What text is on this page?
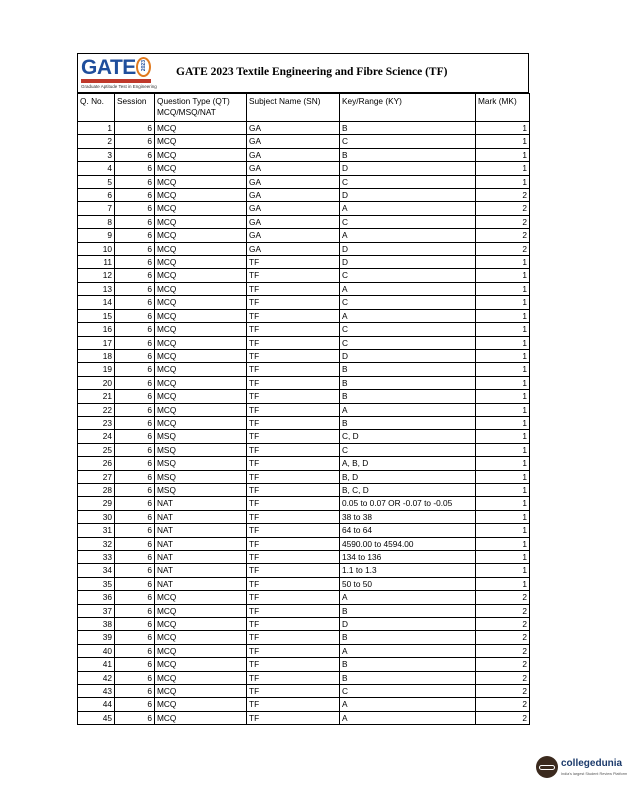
GATE 2023
Graduate Aptitude Test in Engineering
GATE 2023 Textile Engineering and Fibre Science (TF)
Q. No.	Session	Question Type (QT) MCQ/MSQ/NAT	Subject Name (SN)	Key/Range (KY)	Mark (MK)
1	6	MCQ	GA	B	1
2	6	MCQ	GA	C	1
3	6	MCQ	GA	B	1
4	6	MCQ	GA	D	1
5	6	MCQ	GA	C	1
6	6	MCQ	GA	D	2
7	6	MCQ	GA	A	2
8	6	MCQ	GA	C	2
9	6	MCQ	GA	A	2
10	6	MCQ	GA	D	2
11	6	MCQ	TF	D	1
12	6	MCQ	TF	C	1
13	6	MCQ	TF	A	1
14	6	MCQ	TF	C	1
15	6	MCQ	TF	A	1
16	6	MCQ	TF	C	1
17	6	MCQ	TF	C	1
18	6	MCQ	TF	D	1
19	6	MCQ	TF	B	1
20	6	MCQ	TF	B	1
21	6	MCQ	TF	B	1
22	6	MCQ	TF	A	1
23	6	MCQ	TF	B	1
24	6	MSQ	TF	C, D	1
25	6	MSQ	TF	C	1
26	6	MSQ	TF	A, B, D	1
27	6	MSQ	TF	B, D	1
28	6	MSQ	TF	B, C, D	1
29	6	NAT	TF	0.05 to 0.07 OR -0.07 to -0.05	1
30	6	NAT	TF	38 to 38	1
31	6	NAT	TF	64 to 64	1
32	6	NAT	TF	4590.00 to 4594.00	1
33	6	NAT	TF	134 to 136	1
34	6	NAT	TF	1.1 to 1.3	1
35	6	NAT	TF	50 to 50	1
36	6	MCQ	TF	A	2
37	6	MCQ	TF	B	2
38	6	MCQ	TF	D	2
39	6	MCQ	TF	B	2
40	6	MCQ	TF	A	2
41	6	MCQ	TF	B	2
42	6	MCQ	TF	B	2
43	6	MCQ	TF	C	2
44	6	MCQ	TF	A	2
45	6	MCQ	TF	A	2
collegedunia
India's largest Student Review Platform
